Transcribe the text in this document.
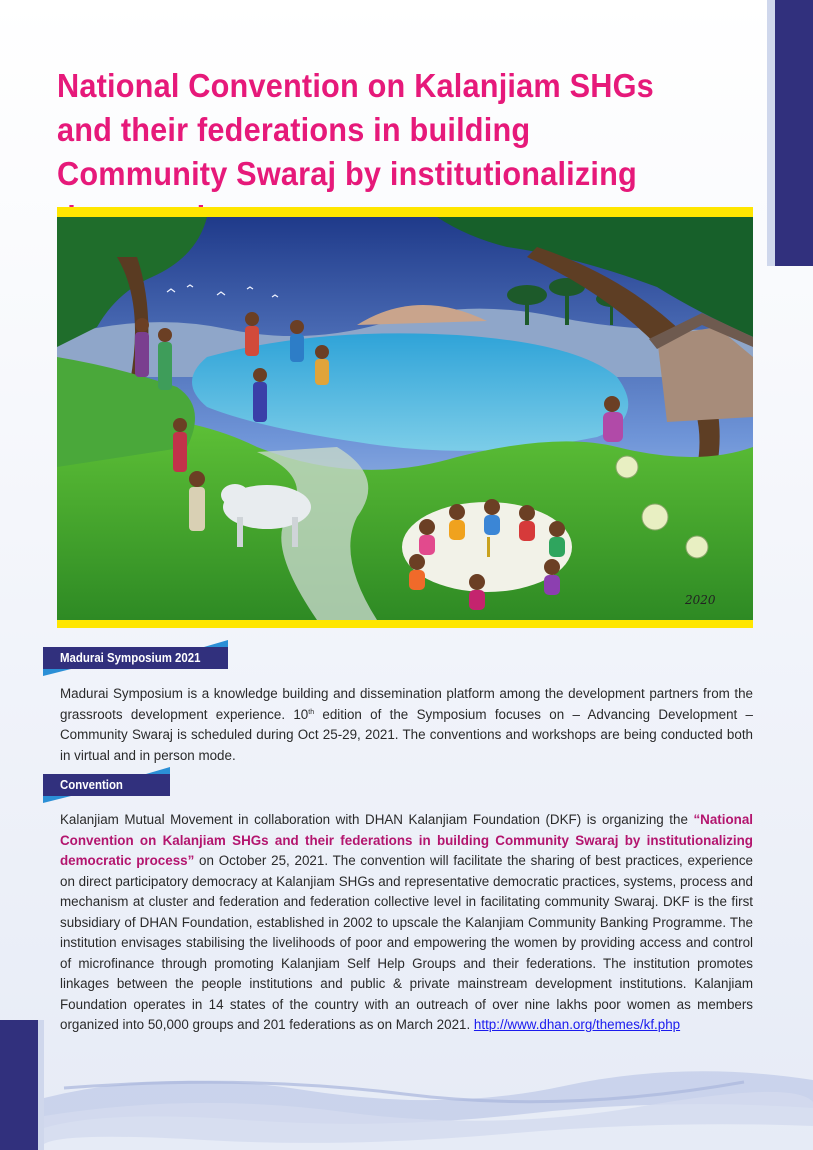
National Convention on Kalanjiam SHGs and their federations in building Community Swaraj by institutionalizing
2020
Madurai Symposium 2021

Madurai Symposium is a knowledge building and dissemination platform among the development partners from the grassroots development experience. 10th edition of the Symposium focuses on – Advancing Development – Community Swaraj is scheduled during Oct 25-29, 2021. The conventions and workshops are being conducted both in virtual and in person mode.

Convention

Kalanjiam Mutual Movement in collaboration with DHAN Kalanjiam Foundation (DKF) is organizing the “National Convention on Kalanjiam SHGs and their federations in building Community Swaraj by institutionalizing democratic process” on October 25, 2021. The convention will facilitate the sharing of best practices, experience on direct participatory democracy at Kalanjiam SHGs and representative democratic practices, systems, process and mechanism at cluster and federation and federation collective level in facilitating community Swaraj. DKF is the first subsidiary of DHAN Foundation, established in 2002 to upscale the Kalanjiam Community Banking Programme. The institution envisages stabilising the livelihoods of poor and empowering the women by providing access and control of microfinance through promoting Kalanjiam Self Help Groups and their federations. The institution promotes linkages between the people institutions and public & private mainstream development institutions. Kalanjiam Foundation operates in 14 states of the country with an outreach of over nine lakhs poor women as members organized into 50,000 groups and 201 federations as on March 2021. http://www.dhan.org/themes/kf.php
